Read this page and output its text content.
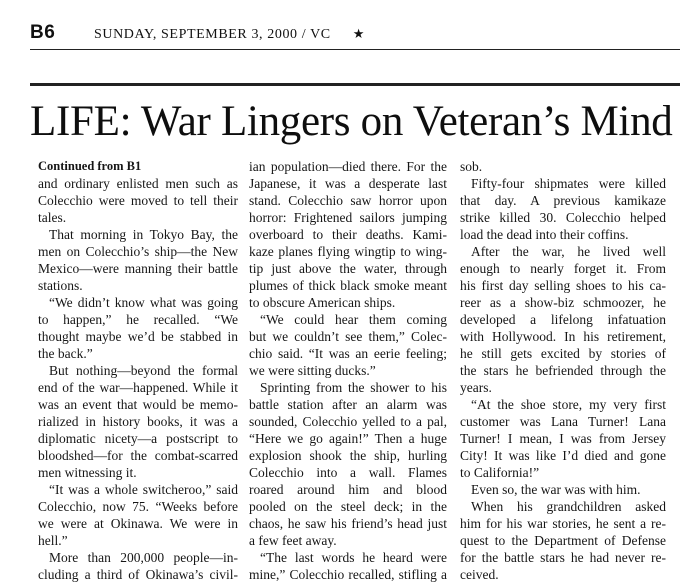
B6	SUNDAY, SEPTEMBER 3, 2000 / VC ★
LIFE: War Lingers on Veteran’s Mind
Continued from B1
and ordinary enlisted men such as
Colecchio were moved to tell their
tales.
That morning in Tokyo Bay, the
men on Colecchio’s ship—the New
Mexico—were manning their battle
stations.
“We didn’t know what was going
to happen,” he recalled. “We
thought maybe we’d be stabbed in
the back.”
But nothing—beyond the formal
end of the war—happened. While it
was an event that would be memo-
rialized in history books, it was a
diplomatic nicety—a postscript to
bloodshed—for the combat-scarred
men witnessing it.
“It was a whole switcheroo,” said
Colecchio, now 75. “Weeks before
we were at Okinawa. We were in
hell.”
More than 200,000 people—in-
cluding a third of Okinawa’s civil-
ian population—died there. For the
Japanese, it was a desperate last
stand. Colecchio saw horror upon
horror: Frightened sailors jumping
overboard to their deaths. Kami-
kaze planes flying wingtip to wing-
tip just above the water, through
plumes of thick black smoke meant
to obscure American ships.
“We could hear them coming
but we couldn’t see them,” Colec-
chio said. “It was an eerie feeling;
we were sitting ducks.”
Sprinting from the shower to his
battle station after an alarm was
sounded, Colecchio yelled to a pal,
“Here we go again!” Then a huge
explosion shook the ship, hurling
Colecchio into a wall. Flames
roared around him and blood
pooled on the steel deck; in the
chaos, he saw his friend’s head just
a few feet away.
“The last words he heard were
mine,” Colecchio recalled, stifling a
sob.
Fifty-four shipmates were killed
that day. A previous kamikaze
strike killed 30. Colecchio helped
load the dead into their coffins.
After the war, he lived well
enough to nearly forget it. From
his first day selling shoes to his ca-
reer as a show-biz schmoozer, he
developed a lifelong infatuation
with Hollywood. In his retirement,
he still gets excited by stories of
the stars he befriended through the
years.
“At the shoe store, my very first
customer was Lana Turner! Lana
Turner! I mean, I was from Jersey
City! It was like I’d died and gone
to California!”
Even so, the war was with him.
When his grandchildren asked
him for his war stories, he sent a re-
quest to the Department of Defense
for the battle stars he had never re-
ceived.
